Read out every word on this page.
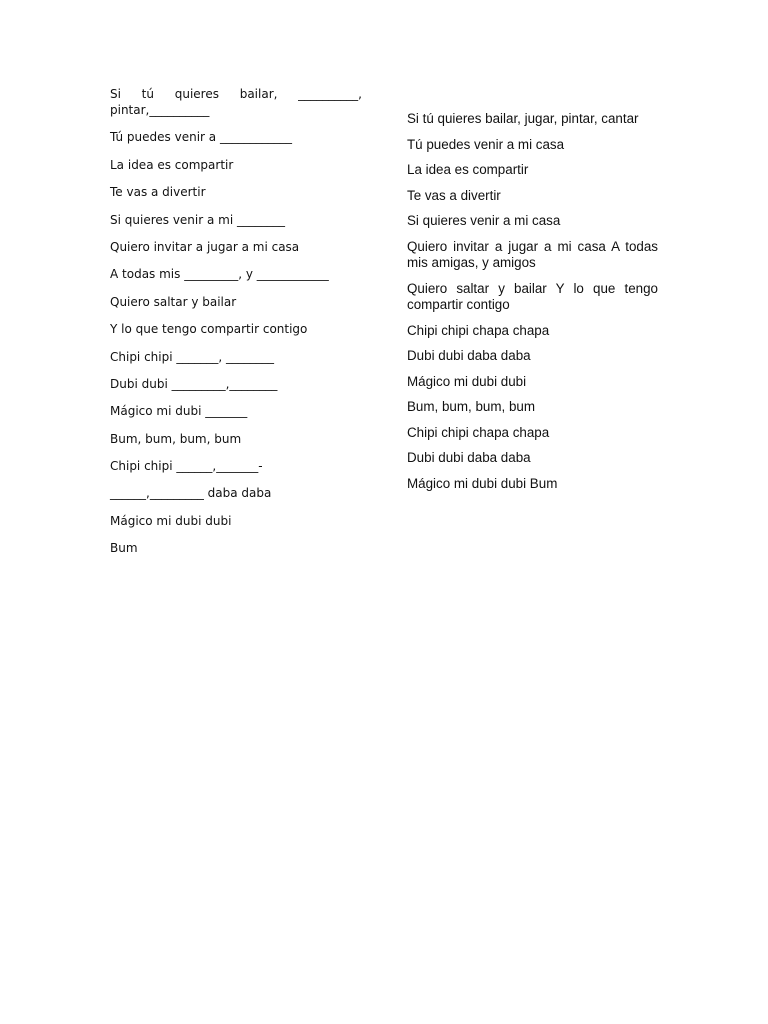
Si tú quieres bailar, __________, pintar,__________
Tú puedes venir a ____________
La idea es compartir
Te vas a divertir
Si quieres venir a mi ________
Quiero invitar a jugar a mi casa
A todas mis _________, y ____________
Quiero saltar y bailar
Y lo que tengo compartir contigo
Chipi chipi _______, ________
Dubi dubi _________,________
Mágico mi dubi _______
Bum, bum, bum, bum
Chipi chipi ______,_______-
______,_________ daba daba
Mágico mi dubi dubi
Bum
Si tú quieres bailar, jugar, pintar, cantar
Tú puedes venir a mi casa
La idea es compartir
Te vas a divertir
Si quieres venir a mi casa
Quiero invitar a jugar a mi casa A todas mis amigas, y amigos
Quiero saltar y bailar Y lo que tengo compartir contigo
Chipi chipi chapa chapa
Dubi dubi daba daba
Mágico mi dubi dubi
Bum, bum, bum, bum
Chipi chipi chapa chapa
Dubi dubi daba daba
Mágico mi dubi dubi Bum
